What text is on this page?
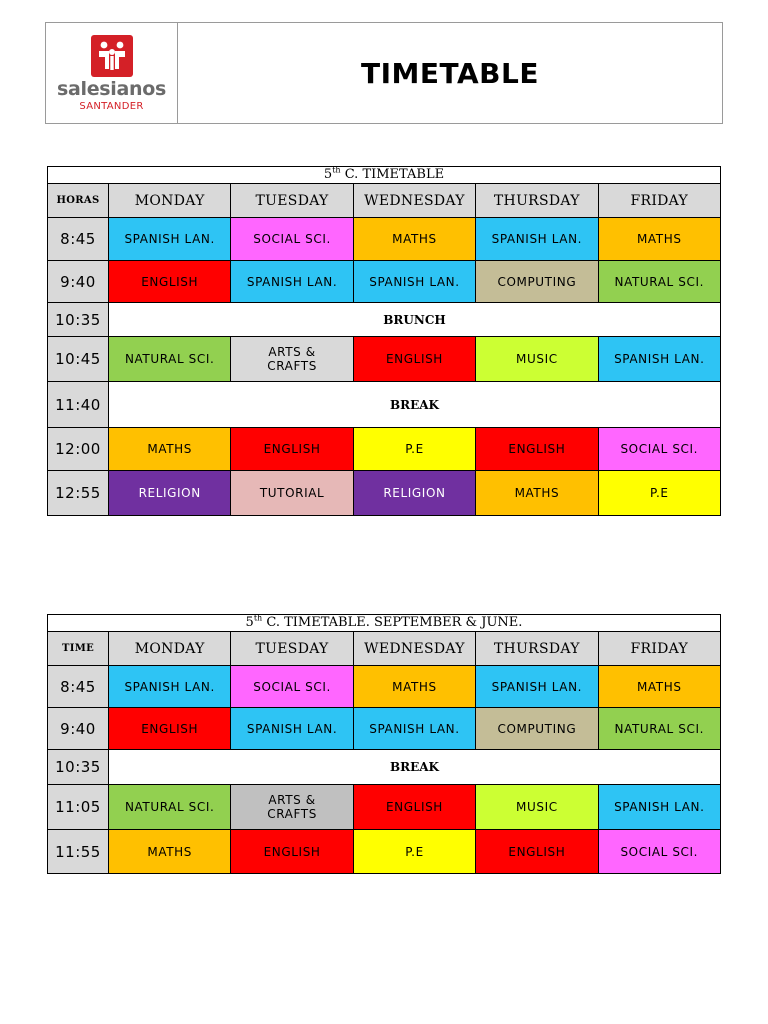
salesianos
SANTANDER
TIMETABLE
5th C. TIMETABLE					
HORAS	MONDAY	TUESDAY	WEDNESDAY	THURSDAY	FRIDAY
8:45	SPANISH LAN.	SOCIAL SCI.	MATHS	SPANISH LAN.	MATHS
9:40	ENGLISH	SPANISH LAN.	SPANISH LAN.	COMPUTING	NATURAL SCI.
10:35	BRUNCH				
10:45	NATURAL SCI.	ARTS & CRAFTS	ENGLISH	MUSIC	SPANISH LAN.
11:40	BREAK				
12:00	MATHS	ENGLISH	P.E	ENGLISH	SOCIAL SCI.
12:55	RELIGION	TUTORIAL	RELIGION	MATHS	P.E
5th C. TIMETABLE. SEPTEMBER & JUNE.					
TIME	MONDAY	TUESDAY	WEDNESDAY	THURSDAY	FRIDAY
8:45	SPANISH LAN.	SOCIAL SCI.	MATHS	SPANISH LAN.	MATHS
9:40	ENGLISH	SPANISH LAN.	SPANISH LAN.	COMPUTING	NATURAL SCI.
10:35	BREAK				
11:05	NATURAL SCI.	ARTS & CRAFTS	ENGLISH	MUSIC	SPANISH LAN.
11:55	MATHS	ENGLISH	P.E	ENGLISH	SOCIAL SCI.
